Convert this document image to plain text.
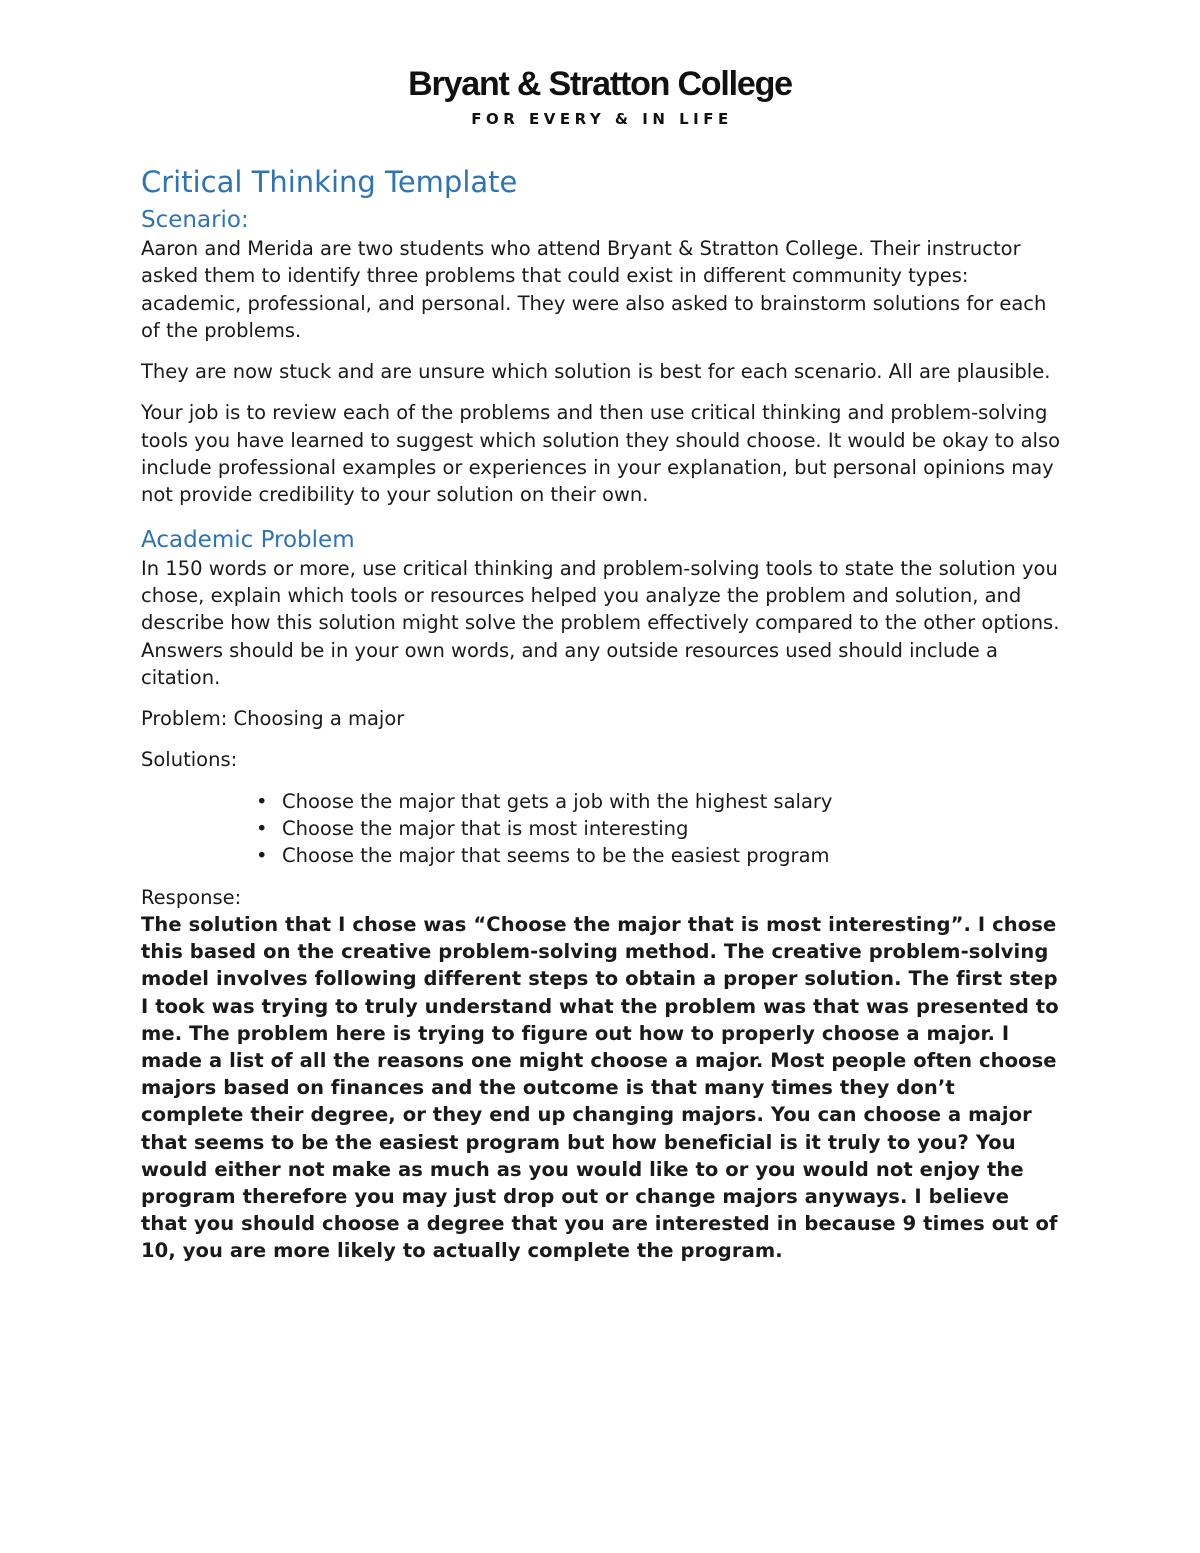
Bryant & Stratton College
FOR EVERY & IN LIFE
Critical Thinking Template
Scenario:

Aaron and Merida are two students who attend Bryant & Stratton College. Their instructor asked them to identify three problems that could exist in different community types: academic, professional, and personal. They were also asked to brainstorm solutions for each of the problems.

They are now stuck and are unsure which solution is best for each scenario. All are plausible.

Your job is to review each of the problems and then use critical thinking and problem-solving tools you have learned to suggest which solution they should choose. It would be okay to also include professional examples or experiences in your explanation, but personal opinions may not provide credibility to your solution on their own.

Academic Problem

In 150 words or more, use critical thinking and problem-solving tools to state the solution you chose, explain which tools or resources helped you analyze the problem and solution, and describe how this solution might solve the problem effectively compared to the other options. Answers should be in your own words, and any outside resources used should include a citation.

Problem: Choosing a major

Solutions:

• Choose the major that gets a job with the highest salary
• Choose the major that is most interesting
• Choose the major that seems to be the easiest program

Response:

The solution that I chose was “Choose the major that is most interesting”. I chose this based on the creative problem-solving method. The creative problem-solving model involves following different steps to obtain a proper solution. The first step I took was trying to truly understand what the problem was that was presented to me. The problem here is trying to figure out how to properly choose a major. I made a list of all the reasons one might choose a major. Most people often choose majors based on finances and the outcome is that many times they don’t complete their degree, or they end up changing majors. You can choose a major that seems to be the easiest program but how beneficial is it truly to you? You would either not make as much as you would like to or you would not enjoy the program therefore you may just drop out or change majors anyways. I believe that you should choose a degree that you are interested in because 9 times out of 10, you are more likely to actually complete the program.
